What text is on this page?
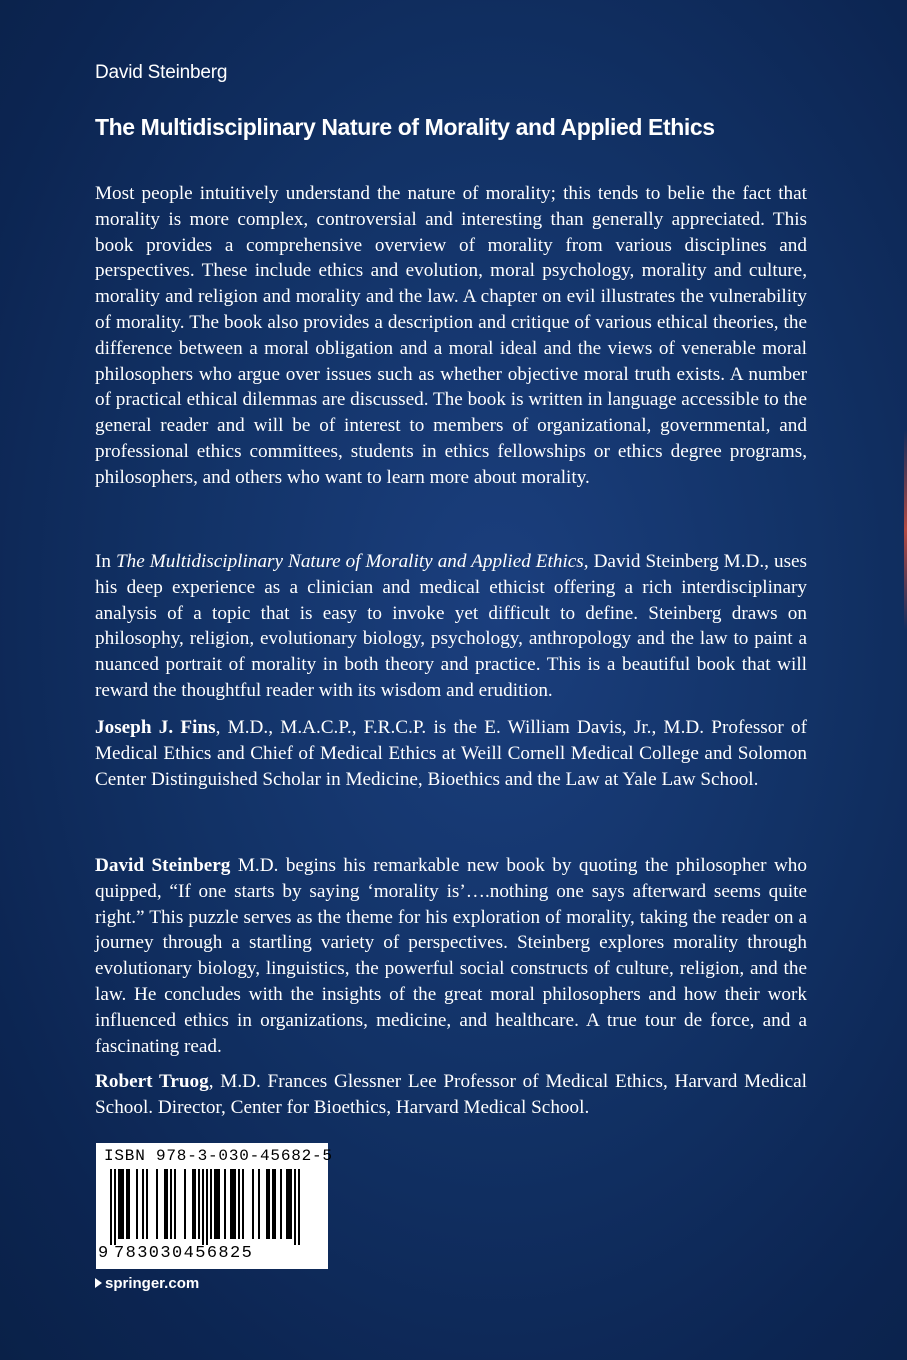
David Steinberg
The Multidisciplinary Nature of Morality and Applied Ethics

Most people intuitively understand the nature of morality; this tends to belie the fact that morality is more complex, controversial and interesting than generally appreciated. This book provides a comprehensive overview of morality from various disciplines and perspectives. These include ethics and evolution, moral psychology, morality and culture, morality and religion and morality and the law. A chapter on evil illustrates the vulnerability of morality. The book also provides a description and critique of various ethical theories, the difference between a moral obligation and a moral ideal and the views of venerable moral philosophers who argue over issues such as whether objective moral truth exists. A number of practical ethical dilemmas are discussed. The book is written in language accessible to the general reader and will be of interest to members of organizational, governmental, and professional ethics committees, students in ethics fellowships or ethics degree programs, philosophers, and others who want to learn more about morality.

In The Multidisciplinary Nature of Morality and Applied Ethics, David Steinberg M.D., uses his deep experience as a clinician and medical ethicist offering a rich interdisciplinary analysis of a topic that is easy to invoke yet difficult to define. Steinberg draws on philosophy, religion, evolutionary biology, psychology, anthropology and the law to paint a nuanced portrait of morality in both theory and practice. This is a beautiful book that will reward the thoughtful reader with its wisdom and erudition.

Joseph J. Fins, M.D., M.A.C.P., F.R.C.P. is the E. William Davis, Jr., M.D. Professor of Medical Ethics and Chief of Medical Ethics at Weill Cornell Medical College and Solomon Center Distinguished Scholar in Medicine, Bioethics and the Law at Yale Law School.

David Steinberg M.D. begins his remarkable new book by quoting the philosopher who quipped, “If one starts by saying ‘morality is’….nothing one says afterward seems quite right.” This puzzle serves as the theme for his exploration of morality, taking the reader on a journey through a startling variety of perspectives. Steinberg explores morality through evolutionary biology, linguistics, the powerful social constructs of culture, religion, and the law. He concludes with the insights of the great moral philosophers and how their work influenced ethics in organizations, medicine, and healthcare. A true tour de force, and a fascinating read.

Robert Truog, M.D. Frances Glessner Lee Professor of Medical Ethics, Harvard Medical School. Director, Center for Bioethics, Harvard Medical School.

ISBN 978-3-030-45682-5
9 783030456825
springer.com
